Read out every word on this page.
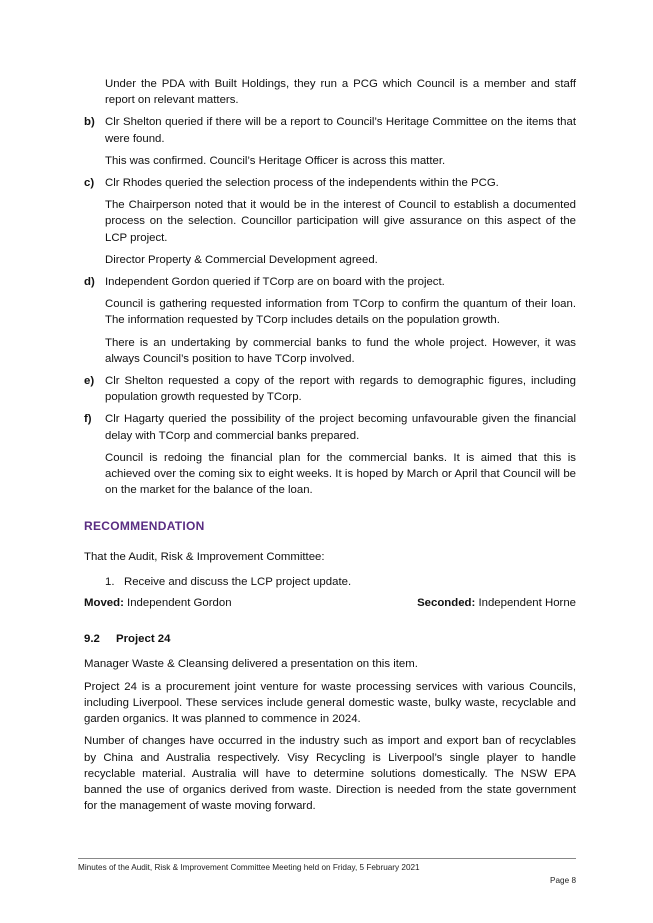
Under the PDA with Built Holdings, they run a PCG which Council is a member and staff report on relevant matters.

b) Clr Shelton queried if there will be a report to Council’s Heritage Committee on the items that were found.

This was confirmed. Council’s Heritage Officer is across this matter.

c) Clr Rhodes queried the selection process of the independents within the PCG.

The Chairperson noted that it would be in the interest of Council to establish a documented process on the selection. Councillor participation will give assurance on this aspect of the LCP project.

Director Property & Commercial Development agreed.

d) Independent Gordon queried if TCorp are on board with the project.

Council is gathering requested information from TCorp to confirm the quantum of their loan. The information requested by TCorp includes details on the population growth.

There is an undertaking by commercial banks to fund the whole project. However, it was always Council’s position to have TCorp involved.

e) Clr Shelton requested a copy of the report with regards to demographic figures, including population growth requested by TCorp.
f)	Clr Hagarty queried the possibility of the project becoming unfavourable given the financial delay with TCorp and commercial banks prepared.

Council is redoing the financial plan for the commercial banks. It is aimed that this is achieved over the coming six to eight weeks. It is hoped by March or April that Council will be on the market for the balance of the loan.

RECOMMENDATION

That the Audit, Risk & Improvement Committee:

1. Receive and discuss the LCP project update.
Moved: Independent Gordon	Seconded: Independent Horne
9.2 Project 24

Manager Waste & Cleansing delivered a presentation on this item.

Project 24 is a procurement joint venture for waste processing services with various Councils, including Liverpool. These services include general domestic waste, bulky waste, recyclable and garden organics. It was planned to commence in 2024.

Number of changes have occurred in the industry such as import and export ban of recyclables by China and Australia respectively. Visy Recycling is Liverpool’s single player to handle recyclable material. Australia will have to determine solutions domestically. The NSW EPA banned the use of organics derived from waste. Direction is needed from the state government for the management of waste moving forward.

Minutes of the Audit, Risk & Improvement Committee Meeting held on Friday, 5 February 2021
Page 8
